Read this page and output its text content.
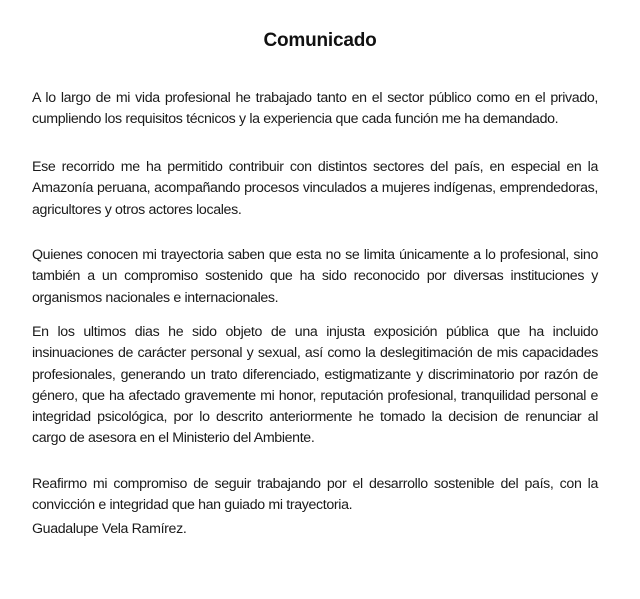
Comunicado

A lo largo de mi vida profesional he trabajado tanto en el sector público como en el privado, cumpliendo los requisitos técnicos y la experiencia que cada función me ha demandado.

Ese recorrido me ha permitido contribuir con distintos sectores del país, en especial en la Amazonía peruana, acompañando procesos vinculados a mujeres indígenas, emprendedoras, agricultores y otros actores locales.

Quienes conocen mi trayectoria saben que esta no se limita únicamente a lo profesional, sino también a un compromiso sostenido que ha sido reconocido por diversas instituciones y organismos nacionales e internacionales.

En los ultimos dias he sido objeto de una injusta exposición pública que ha incluido insinuaciones de carácter personal y sexual, así como la deslegitimación de mis capacidades profesionales, generando un trato diferenciado, estigmatizante y discriminatorio por razón de género, que ha afectado gravemente mi honor, reputación profesional, tranquilidad personal e integridad psicológica, por lo descrito anteriormente he tomado la decision de renunciar al cargo de asesora en el Ministerio del Ambiente.

Reafirmo mi compromiso de seguir trabajando por el desarrollo sostenible del país, con la convicción e integridad que han guiado mi trayectoria.

Guadalupe Vela Ramírez.
